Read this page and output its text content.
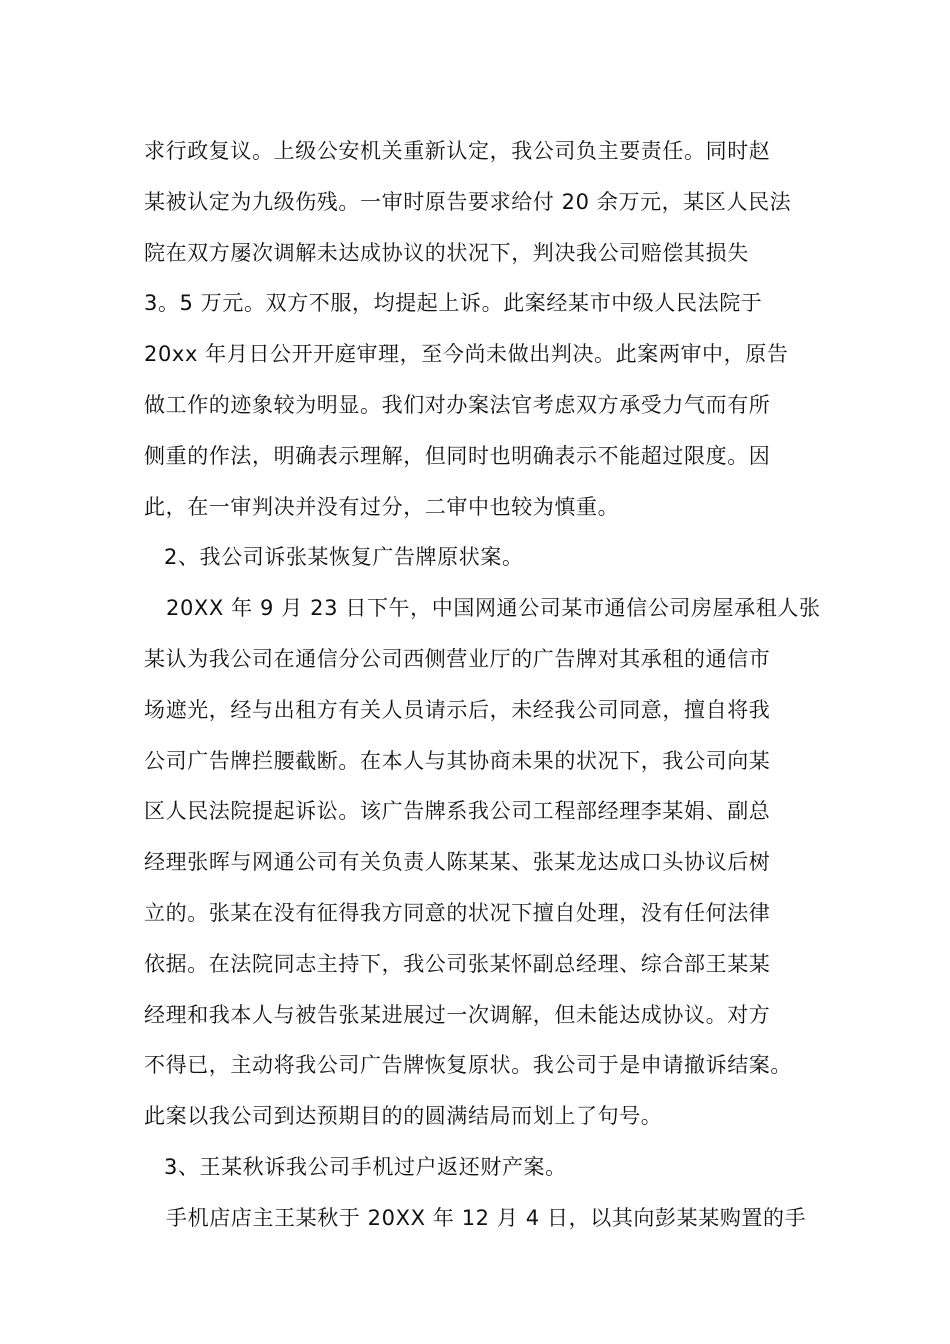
求行政复议。上级公安机关重新认定，我公司负主要责任。同时赵
某被认定为九级伤残。一审时原告要求给付 20 余万元，某区人民法
院在双方屡次调解未达成协议的状况下，判决我公司赔偿其损失
3。5 万元。双方不服，均提起上诉。此案经某市中级人民法院于
20xx 年月日公开开庭审理，至今尚未做出判决。此案两审中，原告
做工作的迹象较为明显。我们对办案法官考虑双方承受力气而有所
侧重的作法，明确表示理解，但同时也明确表示不能超过限度。因
此，在一审判决并没有过分，二审中也较为慎重。
2、我公司诉张某恢复广告牌原状案。
20XX 年 9 月 23 日下午，中国网通公司某市通信公司房屋承租人张
某认为我公司在通信分公司西侧营业厅的广告牌对其承租的通信市
场遮光，经与出租方有关人员请示后，未经我公司同意，擅自将我
公司广告牌拦腰截断。在本人与其协商未果的状况下，我公司向某
区人民法院提起诉讼。该广告牌系我公司工程部经理李某娟、副总
经理张晖与网通公司有关负责人陈某某、张某龙达成口头协议后树
立的。张某在没有征得我方同意的状况下擅自处理，没有任何法律
依据。在法院同志主持下，我公司张某怀副总经理、综合部王某某
经理和我本人与被告张某进展过一次调解，但未能达成协议。对方
不得已，主动将我公司广告牌恢复原状。我公司于是申请撤诉结案。
此案以我公司到达预期目的的圆满结局而划上了句号。
3、王某秋诉我公司手机过户返还财产案。
手机店店主王某秋于 20XX 年 12 月 4 日，以其向彭某某购置的手
